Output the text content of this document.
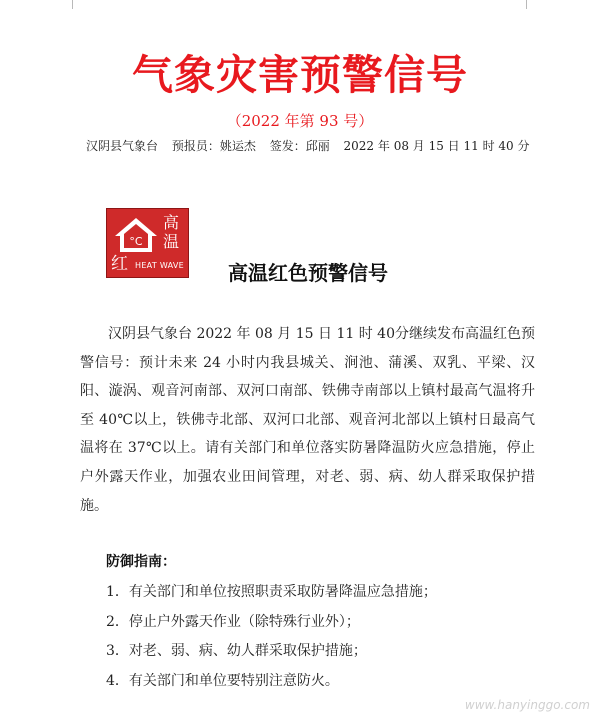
气象灾害预警信号
（2022 年第 93 号）
汉阴县气象台 预报员：姚运杰 签发：邱丽 2022 年 08 月 15 日 11 时 40 分
°C
高
温
红 HEAT WAVE 高温红色预警信号
汉阴县气象台 2022 年 08 月 15 日 11 时 40分继续发布高温红色预警信号：预计未来 24 小时内我县城关、涧池、蒲溪、双乳、平梁、汉阳、漩涡、观音河南部、双河口南部、铁佛寺南部以上镇村最高气温将升至 40℃以上，铁佛寺北部、双河口北部、观音河北部以上镇村日最高气温将在 37℃以上。请有关部门和单位落实防暑降温防火应急措施，停止户外露天作业，加强农业田间管理，对老、弱、病、幼人群采取保护措施。
防御指南：
1．有关部门和单位按照职责采取防暑降温应急措施；
2．停止户外露天作业（除特殊行业外）；
3．对老、弱、病、幼人群采取保护措施；
4．有关部门和单位要特别注意防火。
www.hanyinggo.com
